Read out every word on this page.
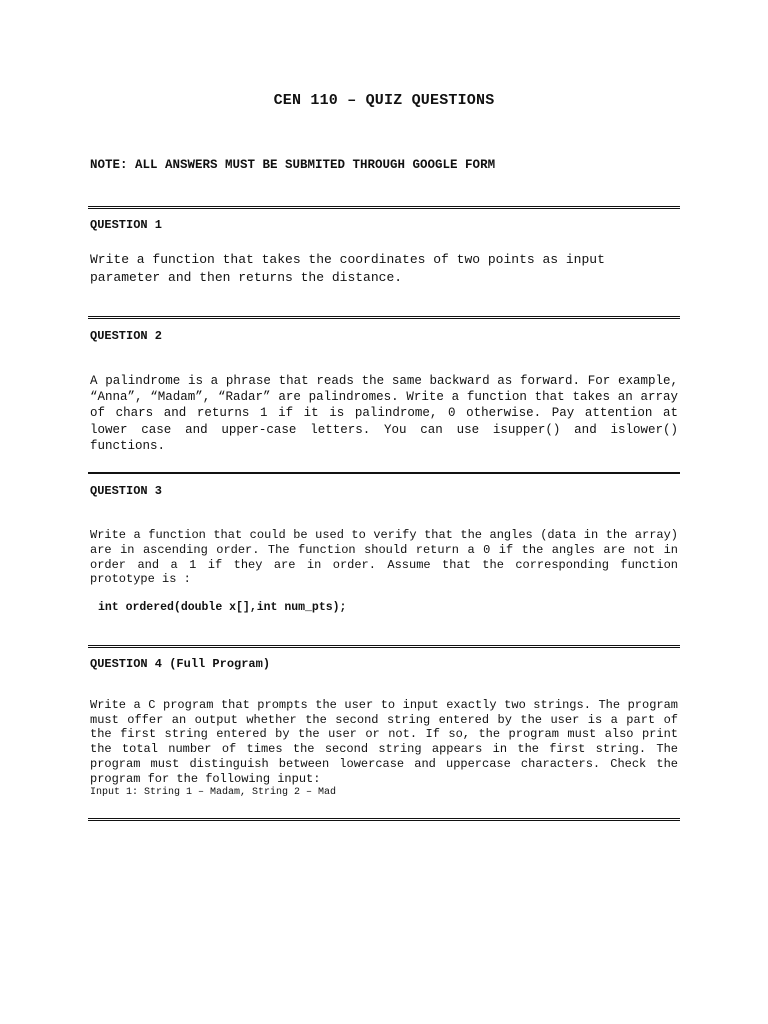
CEN 110 – QUIZ QUESTIONS
NOTE: ALL ANSWERS MUST BE SUBMITED THROUGH GOOGLE FORM
QUESTION 1
Write a function that takes the coordinates of two points as input parameter and then returns the distance.
QUESTION 2
A palindrome is a phrase that reads the same backward as forward. For example, “Anna”, “Madam”, “Radar” are palindromes. Write a function that takes an array of chars and returns 1 if it is palindrome, 0 otherwise. Pay attention at lower case and upper-case letters. You can use isupper() and islower() functions.
QUESTION 3
Write a function that could be used to verify that the angles (data in the array) are in ascending order. The function should return a 0 if the angles are not in order and a 1 if they are in order. Assume that the corresponding function prototype is :
int ordered(double x[],int num_pts);
QUESTION 4 (Full Program)
Write a C program that prompts the user to input exactly two strings. The program must offer an output whether the second string entered by the user is a part of the first string entered by the user or not. If so, the program must also print the total number of times the second string appears in the first string. The program must distinguish between lowercase and uppercase characters. Check the program for the following input:
Input 1: String 1 – Madam, String 2 – Mad
